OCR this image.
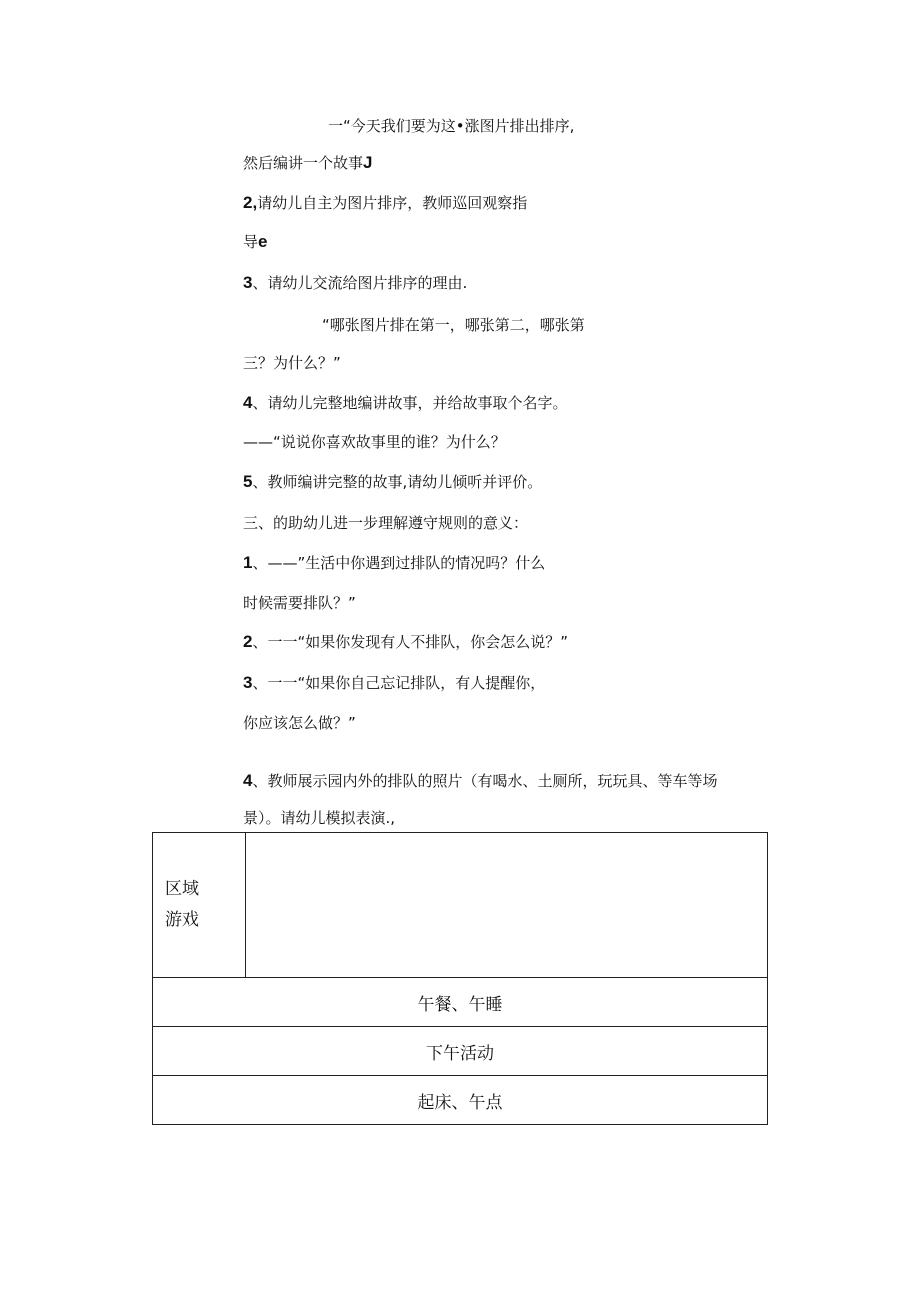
一“今天我们要为这•涨图片排出排序,
然后编讲一个故事J
2,请幼儿自主为图片排序，教师巡回观察指
导e
3、请幼儿交流给图片排序的理由.
“哪张图片排在第一，哪张第二，哪张第
三？为什么？”
4、请幼儿完整地编讲故事，并给故事取个名字。
——“说说你喜欢故事里的谁？为什么？
5、教师编讲完整的故事,请幼儿倾听并评价。
三、的助幼儿进一步理解遵守规则的意义：
1、——”生活中你遇到过排队的情况吗？什么
时候需要排队？”
2、一一“如果你发现有人不排队，你会怎么说？”
3、一一“如果你自己忘记排队，有人提醒你，
你应该怎么做？”
4、教师展示园内外的排队的照片（有喝水、土厕所，玩玩具、等车等场
景）。请幼儿模拟表演.,
区域
游戏

午餐、午睡
下午活动
起床、午点
